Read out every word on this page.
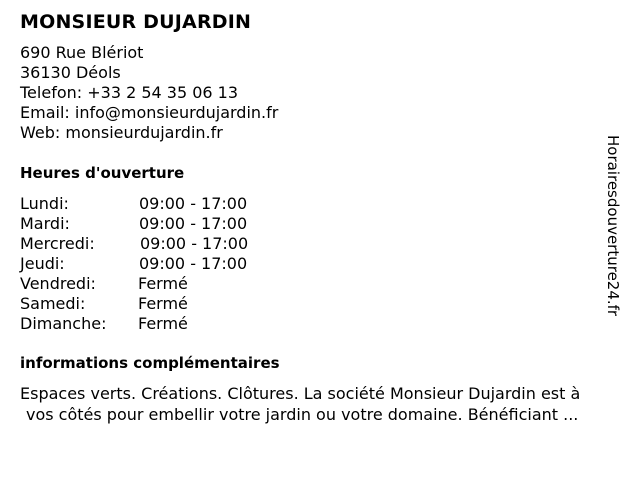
MONSIEUR DUJARDIN
690 Rue Blériot
36130 Déols
Telefon: +33 2 54 35 06 13
Email: info@monsieurdujardin.fr
Web: monsieurdujardin.fr
Heures d'ouverture
Lundi:	09:00 - 17:00
Mardi:	09:00 - 17:00
Mercredi:	09:00 - 17:00
Jeudi:	09:00 - 17:00
Vendredi:	Fermé
Samedi:	Fermé
Dimanche: Fermé
informations complémentaires
Espaces verts. Créations. Clôtures. La société Monsieur Dujardin est à
vos côtés pour embellir votre jardin ou votre domaine. Bénéficiant ...
Horairesdouverture24.fr
